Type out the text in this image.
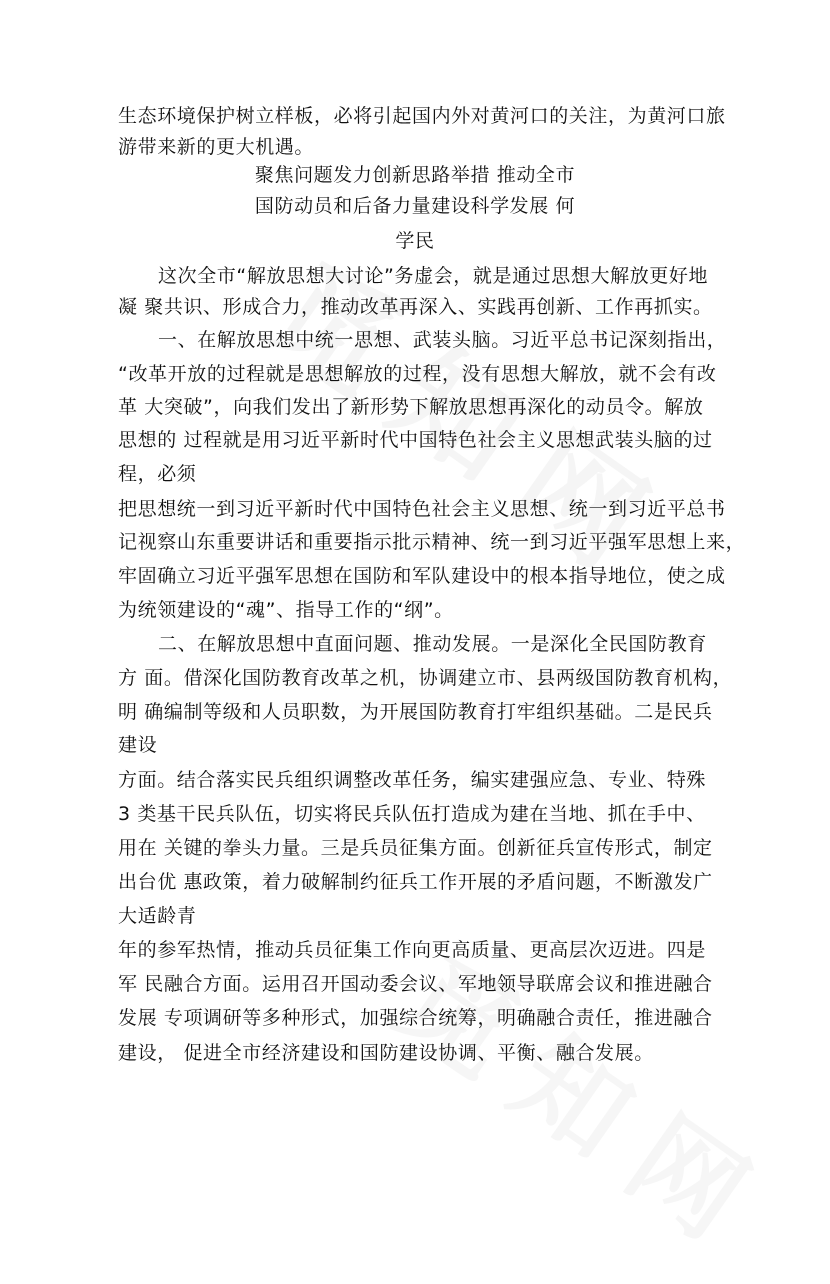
生态环境保护树立样板，必将引起国内外对黄河口的关注，为黄河口旅
游带来新的更大机遇。
聚焦问题发力创新思路举措 推动全市
国防动员和后备力量建设科学发展 何
学民
这次全市“解放思想大讨论”务虚会，就是通过思想大解放更好地
凝 聚共识、形成合力，推动改革再深入、实践再创新、工作再抓实。
一、在解放思想中统一思想、武装头脑。习近平总书记深刻指出，
“改革开放的过程就是思想解放的过程，没有思想大解放，就不会有改
革 大突破”，向我们发出了新形势下解放思想再深化的动员令。解放
思想的 过程就是用习近平新时代中国特色社会主义思想武装头脑的过
程，必须
把思想统一到习近平新时代中国特色社会主义思想、统一到习近平总书
记视察山东重要讲话和重要指示批示精神、统一到习近平强军思想上来，
牢固确立习近平强军思想在国防和军队建设中的根本指导地位，使之成
为统领建设的“魂”、指导工作的“纲”。
二、在解放思想中直面问题、推动发展。一是深化全民国防教育
方 面。借深化国防教育改革之机，协调建立市、县两级国防教育机构，
明 确编制等级和人员职数，为开展国防教育打牢组织基础。二是民兵
建设
方面。结合落实民兵组织调整改革任务，编实建强应急、专业、特殊
3 类基干民兵队伍，切实将民兵队伍打造成为建在当地、抓在手中、
用在 关键的拳头力量。三是兵员征集方面。创新征兵宣传形式，制定
出台优 惠政策，着力破解制约征兵工作开展的矛盾问题，不断激发广
大适龄青
年的参军热情，推动兵员征集工作向更高质量、更高层次迈进。四是
军 民融合方面。运用召开国动委会议、军地领导联席会议和推进融合
发展 专项调研等多种形式，加强综合统筹，明确融合责任，推进融合
建设， 促进全市经济建设和国防建设协调、平衡、融合发展。
